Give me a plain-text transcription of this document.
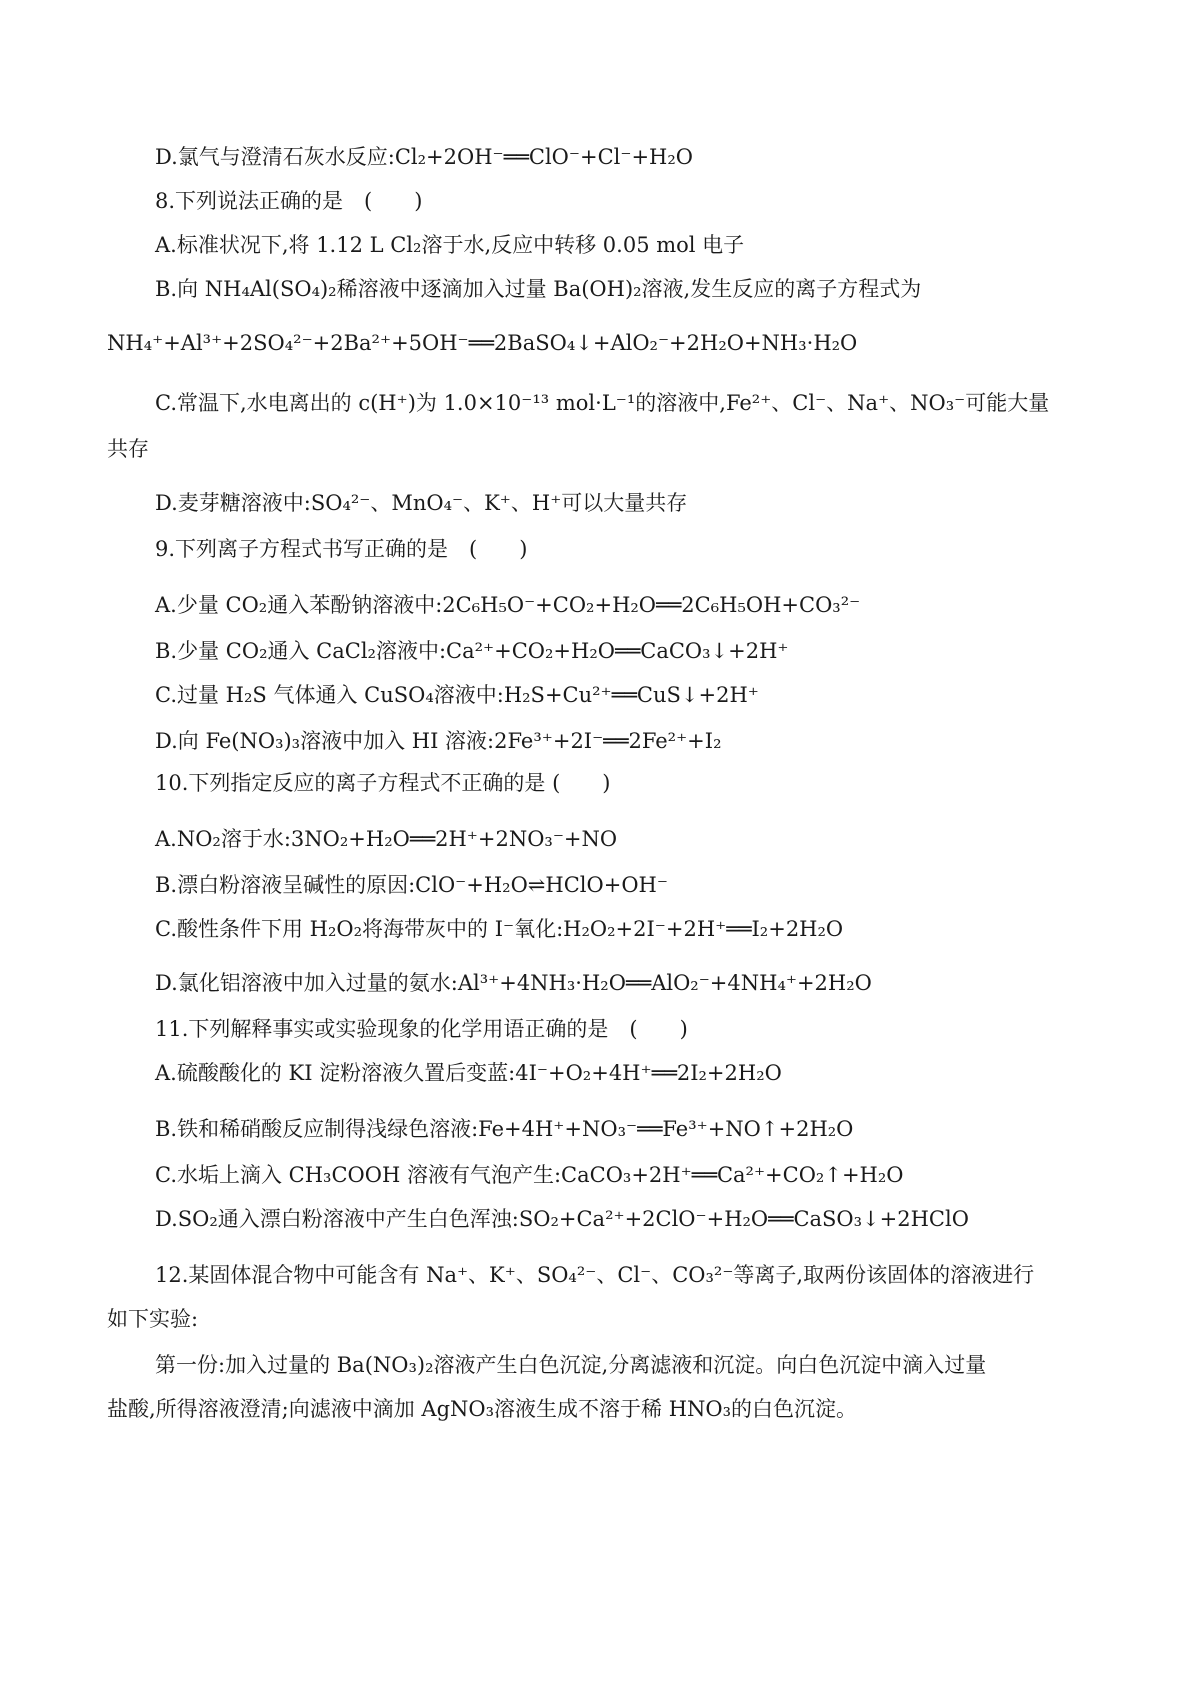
D.氯气与澄清石灰水反应:Cl₂+2OH⁻══ClO⁻+Cl⁻+H₂O
8.下列说法正确的是　(　　)
A.标准状况下,将 1.12 L Cl₂溶于水,反应中转移 0.05 mol 电子
B.向 NH₄Al(SO₄)₂稀溶液中逐滴加入过量 Ba(OH)₂溶液,发生反应的离子方程式为
NH₄⁺+Al³⁺+2SO₄²⁻+2Ba²⁺+5OH⁻══2BaSO₄↓+AlO₂⁻+2H₂O+NH₃·H₂O
C.常温下,水电离出的 c(H⁺)为 1.0×10⁻¹³ mol·L⁻¹的溶液中,Fe²⁺、Cl⁻、Na⁺、NO₃⁻可能大量
共存
D.麦芽糖溶液中:SO₄²⁻、MnO₄⁻、K⁺、H⁺可以大量共存
9.下列离子方程式书写正确的是　(　　)
A.少量 CO₂通入苯酚钠溶液中:2C₆H₅O⁻+CO₂+H₂O══2C₆H₅OH+CO₃²⁻
B.少量 CO₂通入 CaCl₂溶液中:Ca²⁺+CO₂+H₂O══CaCO₃↓+2H⁺
C.过量 H₂S 气体通入 CuSO₄溶液中:H₂S+Cu²⁺══CuS↓+2H⁺
D.向 Fe(NO₃)₃溶液中加入 HI 溶液:2Fe³⁺+2I⁻══2Fe²⁺+I₂
10.下列指定反应的离子方程式不正确的是 (　　)
A.NO₂溶于水:3NO₂+H₂O══2H⁺+2NO₃⁻+NO
B.漂白粉溶液呈碱性的原因:ClO⁻+H₂O⇌HClO+OH⁻
C.酸性条件下用 H₂O₂将海带灰中的 I⁻氧化:H₂O₂+2I⁻+2H⁺══I₂+2H₂O
D.氯化铝溶液中加入过量的氨水:Al³⁺+4NH₃·H₂O══AlO₂⁻+4NH₄⁺+2H₂O
11.下列解释事实或实验现象的化学用语正确的是　(　　)
A.硫酸酸化的 KI 淀粉溶液久置后变蓝:4I⁻+O₂+4H⁺══2I₂+2H₂O
B.铁和稀硝酸反应制得浅绿色溶液:Fe+4H⁺+NO₃⁻══Fe³⁺+NO↑+2H₂O
C.水垢上滴入 CH₃COOH 溶液有气泡产生:CaCO₃+2H⁺══Ca²⁺+CO₂↑+H₂O
D.SO₂通入漂白粉溶液中产生白色浑浊:SO₂+Ca²⁺+2ClO⁻+H₂O══CaSO₃↓+2HClO
12.某固体混合物中可能含有 Na⁺、K⁺、SO₄²⁻、Cl⁻、CO₃²⁻等离子,取两份该固体的溶液进行
如下实验:
第一份:加入过量的 Ba(NO₃)₂溶液产生白色沉淀,分离滤液和沉淀。向白色沉淀中滴入过量
盐酸,所得溶液澄清;向滤液中滴加 AgNO₃溶液生成不溶于稀 HNO₃的白色沉淀。
